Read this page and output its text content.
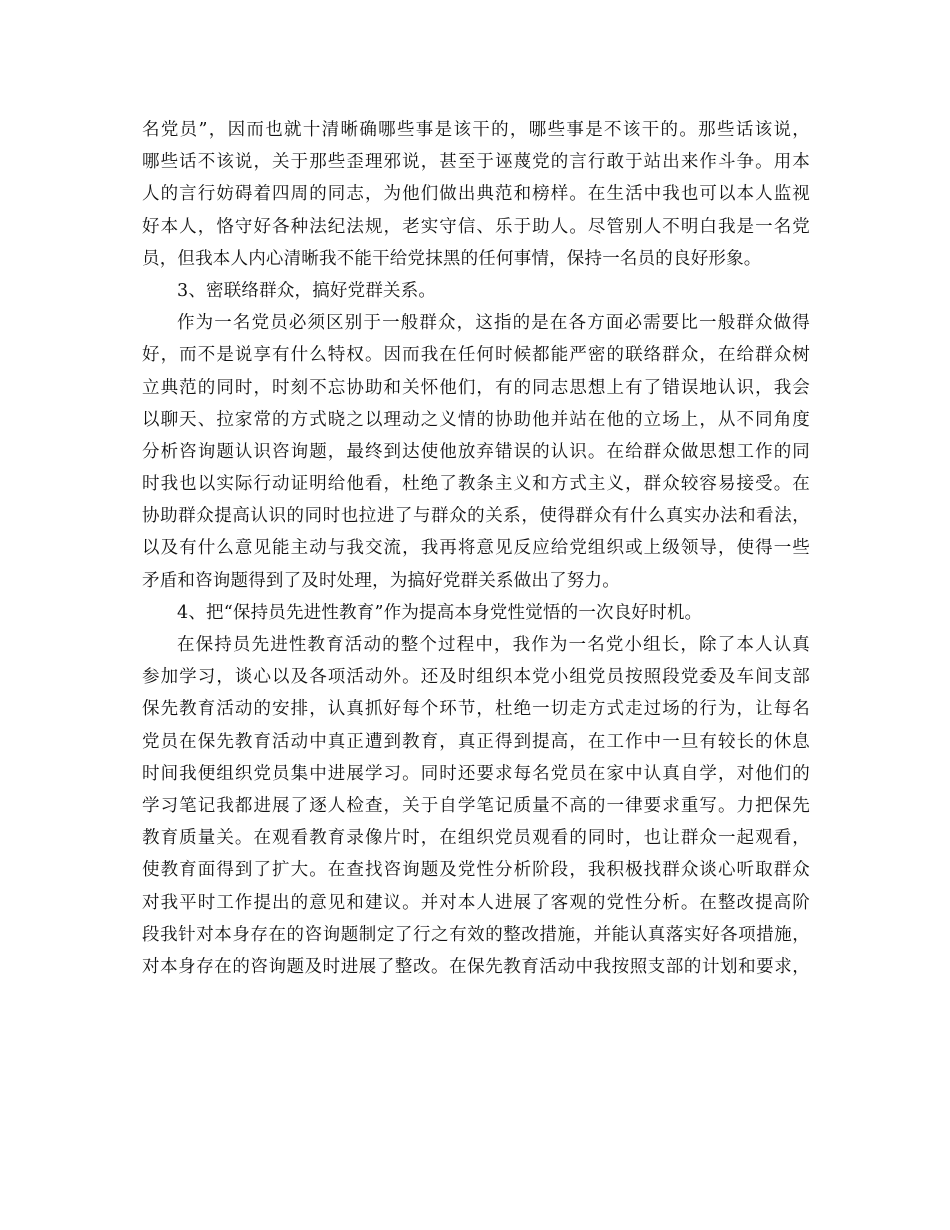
名党员”，因而也就十清晰确哪些事是该干的，哪些事是不该干的。那些话该说，
哪些话不该说，关于那些歪理邪说，甚至于诬蔑党的言行敢于站出来作斗争。用本
人的言行妨碍着四周的同志，为他们做出典范和榜样。在生活中我也可以本人监视
好本人，恪守好各种法纪法规，老实守信、乐于助人。尽管别人不明白我是一名党
员，但我本人内心清晰我不能干给党抹黑的任何事情，保持一名员的良好形象。
3、密联络群众，搞好党群关系。
作为一名党员必须区别于一般群众，这指的是在各方面必需要比一般群众做得
好，而不是说享有什么特权。因而我在任何时候都能严密的联络群众，在给群众树
立典范的同时，时刻不忘协助和关怀他们，有的同志思想上有了错误地认识，我会
以聊天、拉家常的方式晓之以理动之义情的协助他并站在他的立场上，从不同角度
分析咨询题认识咨询题，最终到达使他放弃错误的认识。在给群众做思想工作的同
时我也以实际行动证明给他看，杜绝了教条主义和方式主义，群众较容易接受。在
协助群众提高认识的同时也拉进了与群众的关系，使得群众有什么真实办法和看法，
以及有什么意见能主动与我交流，我再将意见反应给党组织或上级领导，使得一些
矛盾和咨询题得到了及时处理，为搞好党群关系做出了努力。
4、把“保持员先进性教育”作为提高本身党性觉悟的一次良好时机。
在保持员先进性教育活动的整个过程中，我作为一名党小组长，除了本人认真
参加学习，谈心以及各项活动外。还及时组织本党小组党员按照段党委及车间支部
保先教育活动的安排，认真抓好每个环节，杜绝一切走方式走过场的行为，让每名
党员在保先教育活动中真正遭到教育，真正得到提高，在工作中一旦有较长的休息
时间我便组织党员集中进展学习。同时还要求每名党员在家中认真自学，对他们的
学习笔记我都进展了逐人检查，关于自学笔记质量不高的一律要求重写。力把保先
教育质量关。在观看教育录像片时，在组织党员观看的同时，也让群众一起观看，
使教育面得到了扩大。在查找咨询题及党性分析阶段，我积极找群众谈心听取群众
对我平时工作提出的意见和建议。并对本人进展了客观的党性分析。在整改提高阶
段我针对本身存在的咨询题制定了行之有效的整改措施，并能认真落实好各项措施，
对本身存在的咨询题及时进展了整改。在保先教育活动中我按照支部的计划和要求，
